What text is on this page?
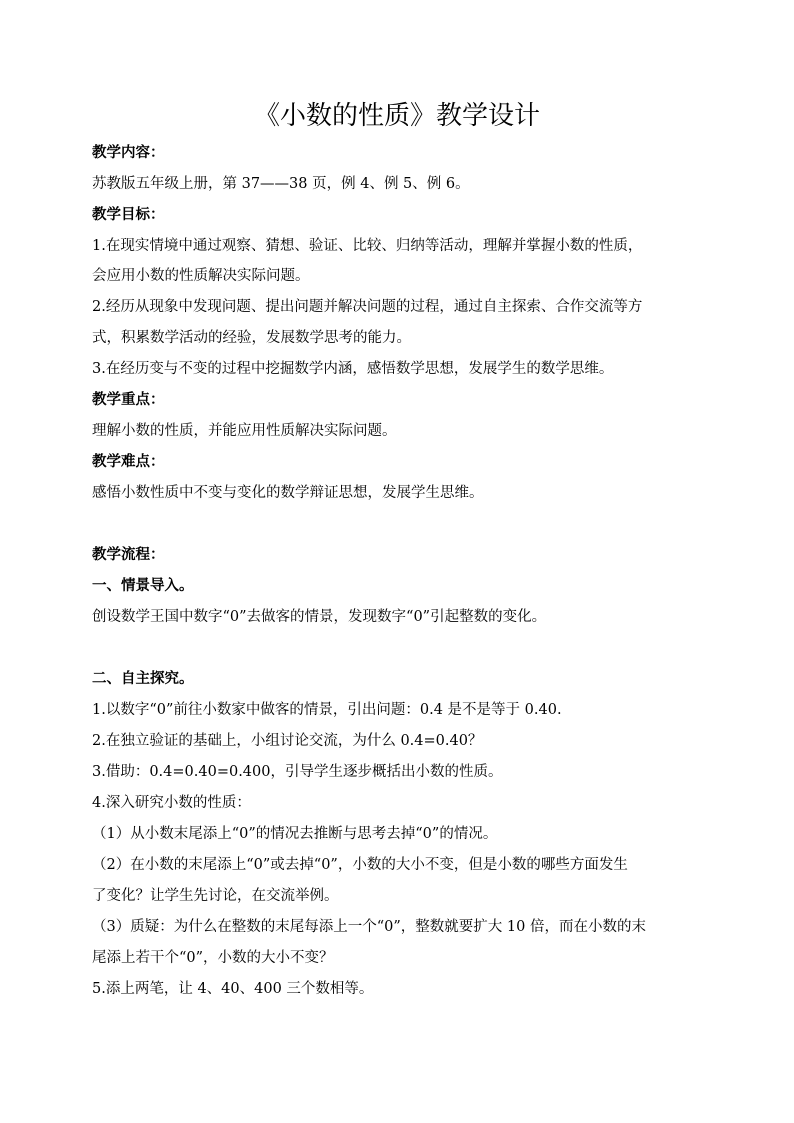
《小数的性质》教学设计
教学内容：
苏教版五年级上册，第 37——38 页，例 4、例 5、例 6。
教学目标：
1.在现实情境中通过观察、猜想、验证、比较、归纳等活动，理解并掌握小数的性质，
会应用小数的性质解决实际问题。
2.经历从现象中发现问题、提出问题并解决问题的过程，通过自主探索、合作交流等方
式，积累数学活动的经验，发展数学思考的能力。
3.在经历变与不变的过程中挖掘数学内涵，感悟数学思想，发展学生的数学思维。
教学重点：
理解小数的性质，并能应用性质解决实际问题。
教学难点：
感悟小数性质中不变与变化的数学辩证思想，发展学生思维。
教学流程：
一、情景导入。
创设数学王国中数字“0”去做客的情景，发现数字“0”引起整数的变化。
二、自主探究。
1.以数字“0”前往小数家中做客的情景，引出问题：0.4 是不是等于 0.40.
2.在独立验证的基础上，小组讨论交流，为什么 0.4=0.40？
3.借助：0.4=0.40=0.400，引导学生逐步概括出小数的性质。
4.深入研究小数的性质：
（1）从小数末尾添上“0”的情况去推断与思考去掉“0”的情况。
（2）在小数的末尾添上“0”或去掉“0”，小数的大小不变，但是小数的哪些方面发生
了变化？让学生先讨论，在交流举例。
（3）质疑：为什么在整数的末尾每添上一个“0”，整数就要扩大 10 倍，而在小数的末
尾添上若干个“0”，小数的大小不变？
5.添上两笔，让 4、40、400 三个数相等。
